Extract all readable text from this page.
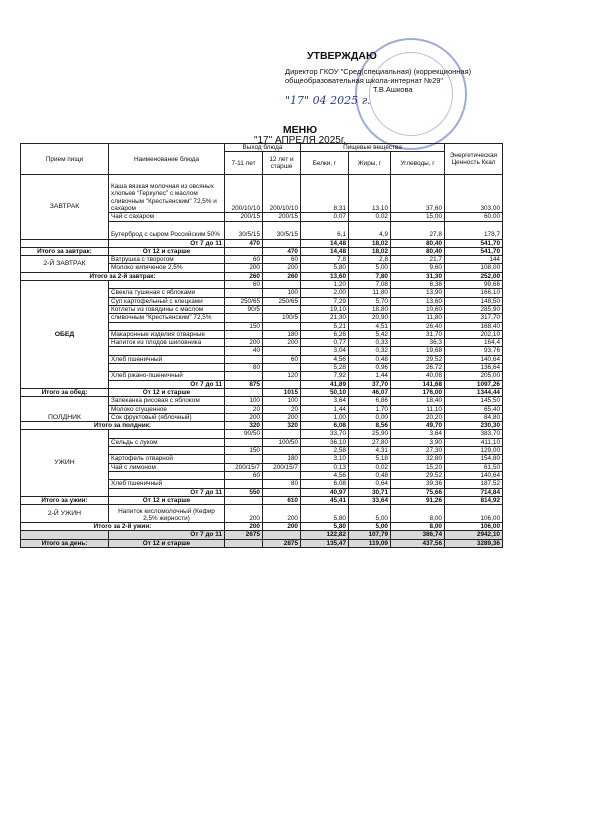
УТВЕРЖДАЮ
Директор ГКОУ "Сред(специальная) (коррекционная)
общеобразовательная школа-интернат №29"
Т.В.Ашкова
"17" 04 2025 г.
МЕНЮ
"17" АПРЕЛЯ 2025г.
Прием пищи	Наименование блюда	Выход блюда		Пищевые вещества			Энергетическая Ценность Ккал
		7-11 лет	12 лет и старше	Белки, г	Жиры, г	Углеводы, г	
ЗАВТРАК	Каша вязкая молочная из овсяных хлопьев "Геркулес" с маслом сливочным "Крестьянским" 72,5% и сахаром	200/10/10	200/10/10	8,31	13,10	37,60	303,00
	Чай с сахаром	200/15	200/15	0,07	0,02	15,00	60,00
	Бутерброд с сыром Российским 50%	30/5/15	30/5/15	6,1	4,9	27,8	178,7
	От 7 до 11	470		14,48	18,02	80,40	541,70
Итого за завтрак:	От 12 и старше		470	14,48	18,02	80,40	541,70
2-Й ЗАВТРАК	Ватрушка с творогом	60	60	7,8	2,8	21,7	144
	Молоко кипяченое 2,5%	200	200	5,80	5,00	9,60	108,00
Итого за 2-й завтрак:		260	260	13,60	7,80	31,30	252,00
ОБЕД		60		1,20	7,08	8,38	99,66
	Свекла тушеная с яблоками		100	2,00	11,80	13,90	166,10
	Суп картофельный с клецками	250/65	250/65	7,29	5,70	13,60	148,50
	Котлеты из говядины с маслом	90/5		19,10	18,80	10,60	285,90
	сливочным "Крестьянским" 72,5%		100/5	21,30	20,90	11,80	317,70
		150		5,21	4,51	26,40	168,40
	Макаронные изделия отварные		180	6,26	5,42	31,70	202,10
	Напиток из плодов шиповника	200	200	0,77	0,33	36,3	164,4
		40		3,04	0,32	19,68	93,76
	Хлеб пшеничный		60	4,56	0,48	29,52	140,64
		80		5,28	0,96	26,72	136,64
	Хлеб ржано-пшеничный		120	7,92	1,44	40,08	205,00
	От 7 до 11	875		41,89	37,70	141,68	1097,26
Итого за обед:	От 12 и старше		1015	50,10	46,07	176,00	1344,44
ПОЛДНИК	Запеканка рисовая с яблоком	100	100	3,64	6,86	18,40	145,50
	Молоко сгущенное	20	20	1,44	1,70	11,10	65,40
	Сок фруктовый (яблочный)	200	200	1,00	0,00	20,20	84,80
Итого за полдник:		320	320	6,08	8,56	49,70	230,30
УЖИН		90/50		33,70	25,90	3,64	383,70
	Сельдь с луком		100/50	36,10	27,80	3,90	411,10
		150		2,58	4,31	27,30	129,00
	Картофель отварной		180	3,10	5,18	32,80	154,80
	Чай с лимоном	200/15/7	200/15/7	0,13	0,02	15,20	61,50
		60		4,56	0,48	29,52	140,64
	Хлеб пшеничный		80	6,08	0,64	39,36	187,52
	От 7 до 11	550		40,97	30,71	75,66	714,84
Итого за ужин:	От 12 и старше		610	45,41	33,64	91,26	814,92
2-Й УЖИН	Напиток кисломолочный (Кефир 2,5% жирности)	200	200	5,80	5,00	8,00	106,00
Итого за 2-й ужин:		200	200	5,80	5,00	8,00	106,00
	От 7 до 11	2675		122,82	107,79	386,74	2942,10
Итого за день:	От 12 и старше		2875	135,47	119,09	437,56	3289,36
